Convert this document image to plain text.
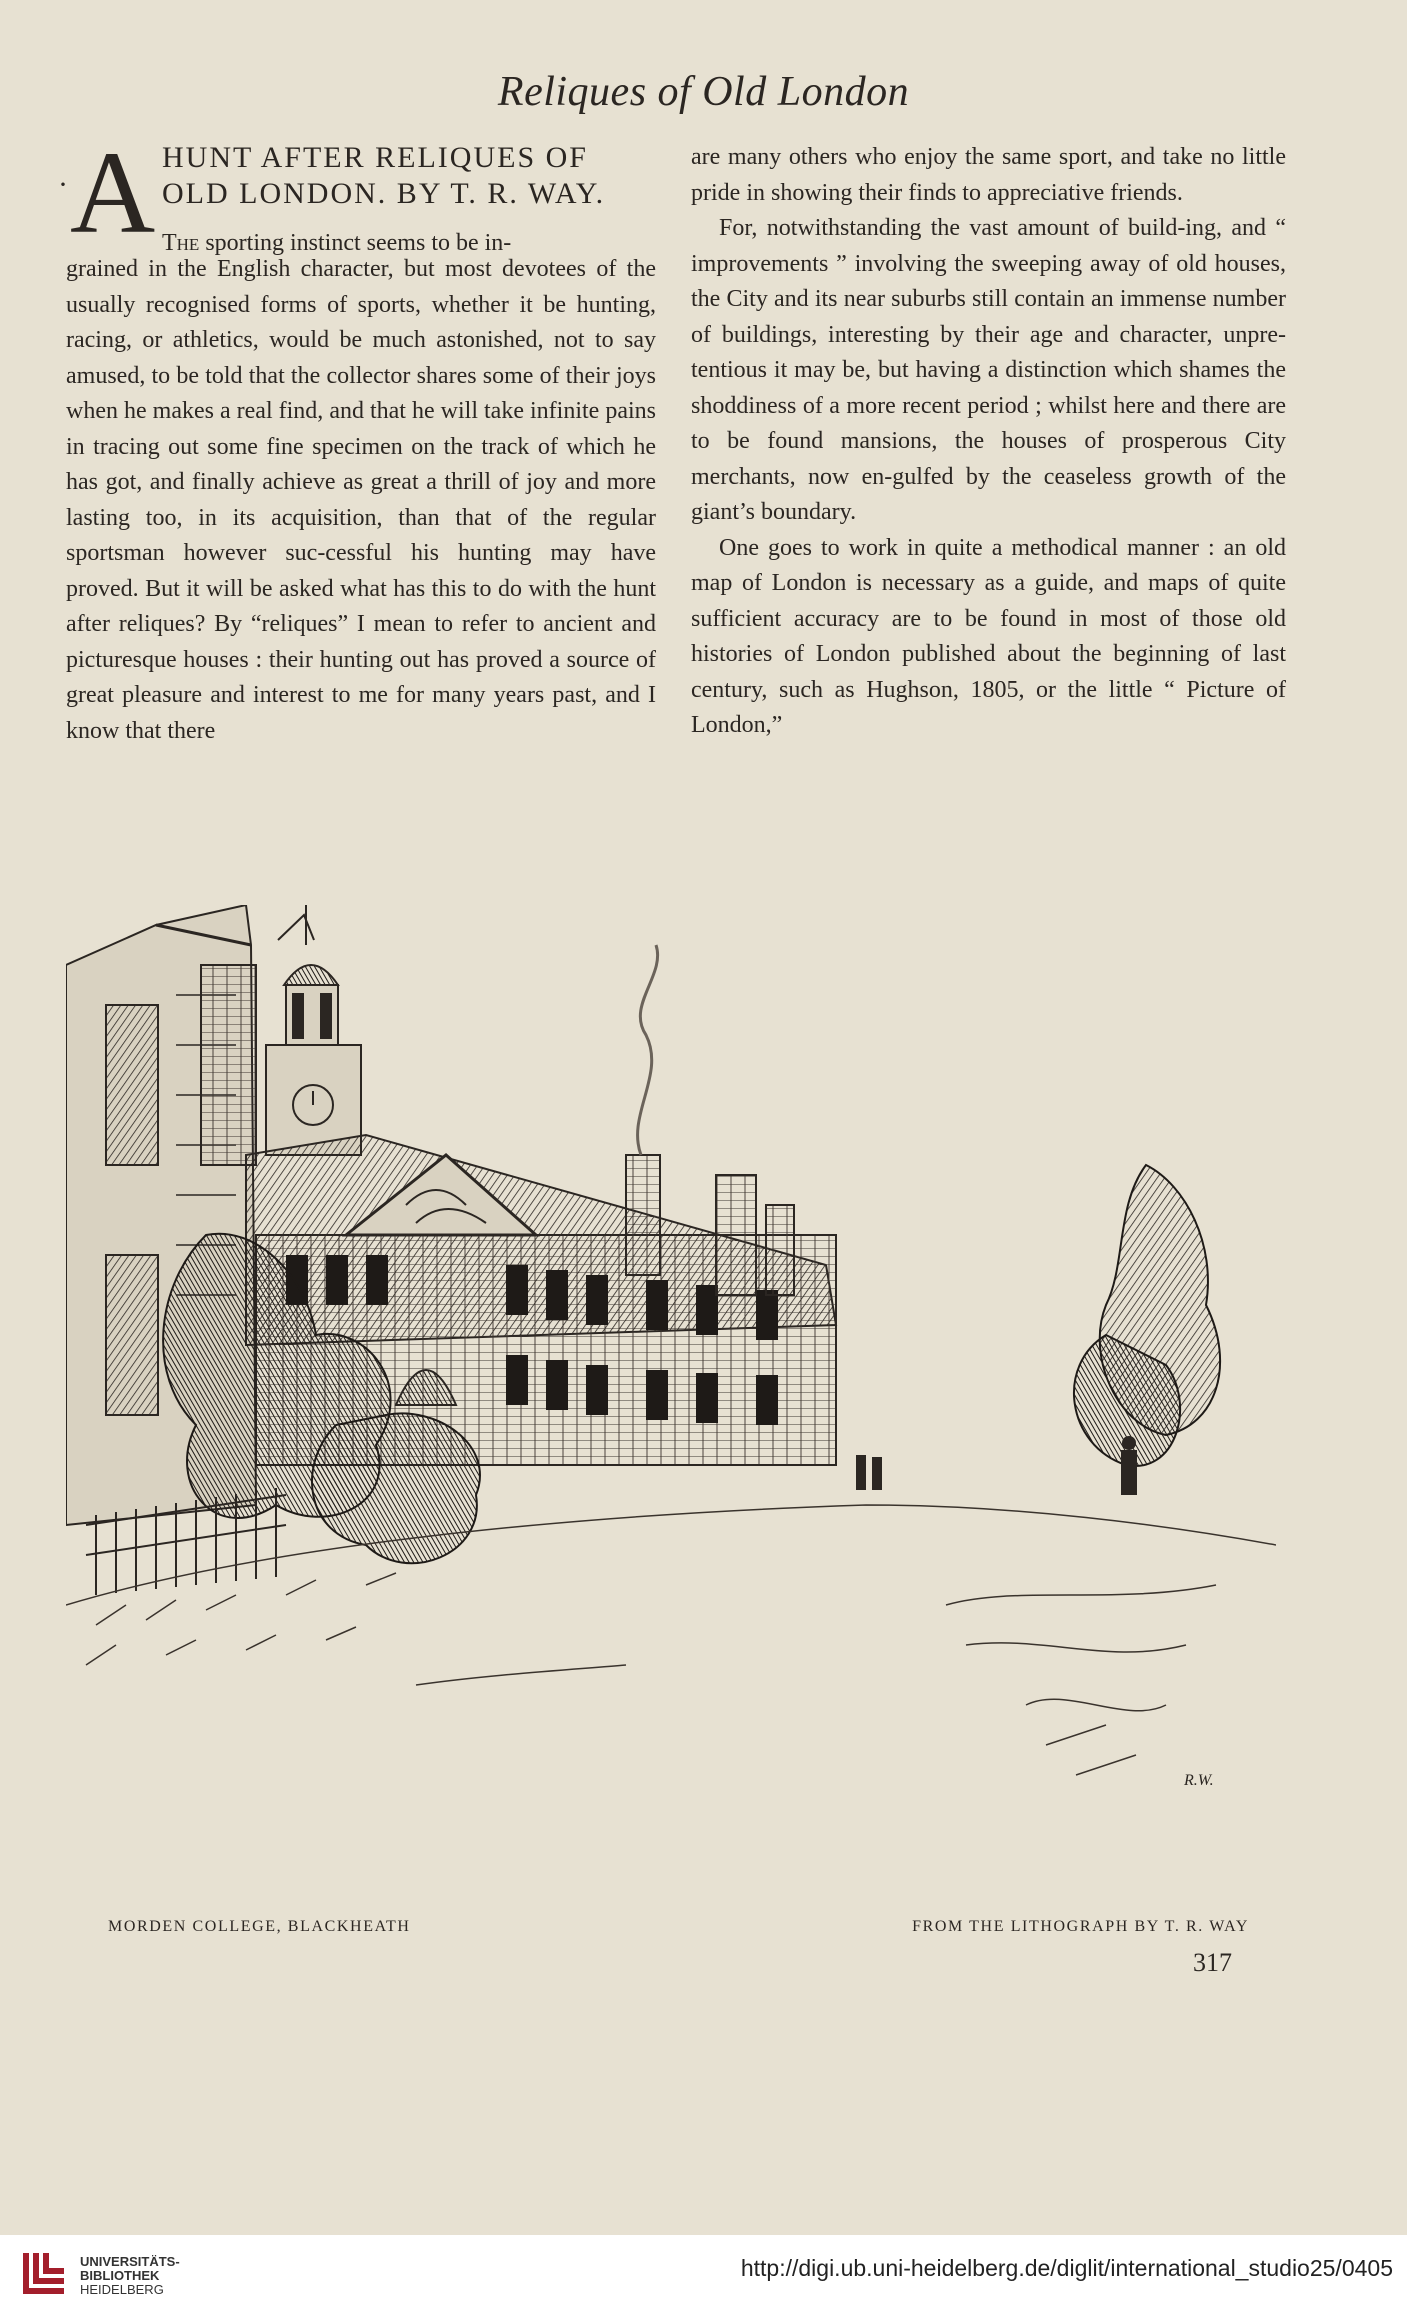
Reliques of Old London
· A HUNT AFTER RELIQUES OF
OLD LONDON. BY T. R. WAY.
The sporting instinct seems to be in-

grained in the English character, but most devotees of the usually recognised forms of sports, whether it be hunting, racing, or athletics, would be much astonished, not to say amused, to be told that the collector shares some of their joys when he makes a real find, and that he will take infinite pains in tracing out some fine specimen on the track of which he has got, and finally achieve as great a thrill of joy and more lasting too, in its acquisition, than that of the regular sportsman however suc-cessful his hunting may have proved. But it will be asked what has this to do with the hunt after reliques? By “reliques” I mean to refer to ancient and picturesque houses : their hunting out has proved a source of great pleasure and interest to me for many years past, and I know that there

are many others who enjoy the same sport, and take no little pride in showing their finds to appreciative friends.

For, notwithstanding the vast amount of build-ing, and “ improvements ” involving the sweeping away of old houses, the City and its near suburbs still contain an immense number of buildings, interesting by their age and character, unpre-tentious it may be, but having a distinction which shames the shoddiness of a more recent period ; whilst here and there are to be found mansions, the houses of prosperous City merchants, now en-gulfed by the ceaseless growth of the giant’s boundary.

One goes to work in quite a methodical manner : an old map of London is necessary as a guide, and maps of quite sufficient accuracy are to be found in most of those old histories of London published about the beginning of last century, such as Hughson, 1805, or the little “ Picture of London,”

R.W.
MORDEN COLLEGE, BLACKHEATH	FROM THE LITHOGRAPH BY T. R. WAY
317
UNIVERSITÄTS-
BIBLIOTHEK
HEIDELBERG
http://digi.ub.uni-heidelberg.de/diglit/international_studio25/0405
